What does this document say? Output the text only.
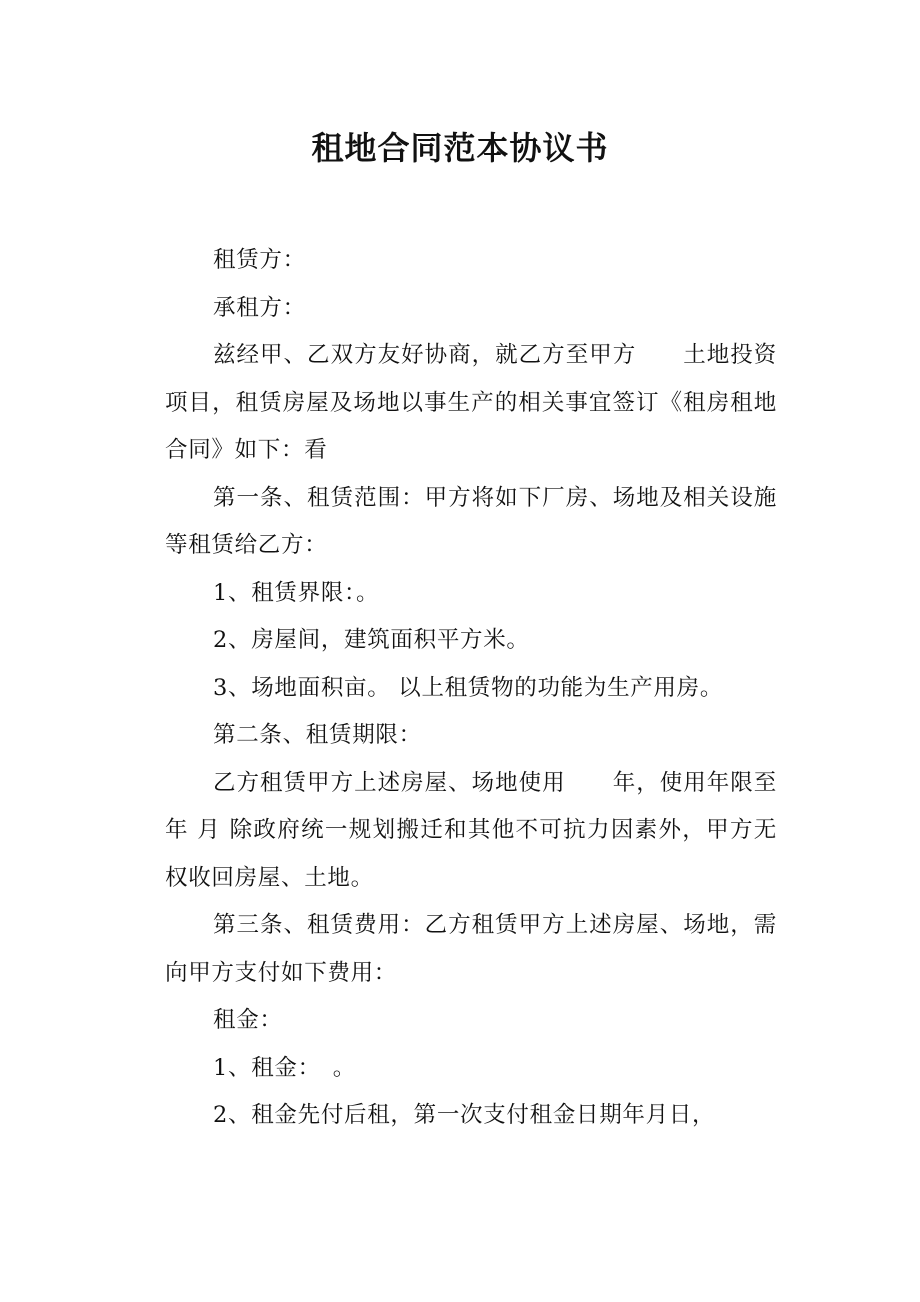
租地合同范本协议书

租赁方：

承租方：

兹经甲、乙双方友好协商，就乙方至甲方　　土地投资项目，租赁房屋及场地以事生产的相关事宜签订《租房租地合同》如下：看

第一条、租赁范围：甲方将如下厂房、场地及相关设施等租赁给乙方：

1、租赁界限：。

2、房屋间，建筑面积平方米。

3、场地面积亩。 以上租赁物的功能为生产用房。

第二条、租赁期限：

乙方租赁甲方上述房屋、场地使用　　年，使用年限至 年 月 除政府统一规划搬迁和其他不可抗力因素外，甲方无权收回房屋、土地。

第三条、租赁费用：乙方租赁甲方上述房屋、场地，需向甲方支付如下费用：

租金：

1、租金：　。

2、租金先付后租，第一次支付租金日期年月日，
